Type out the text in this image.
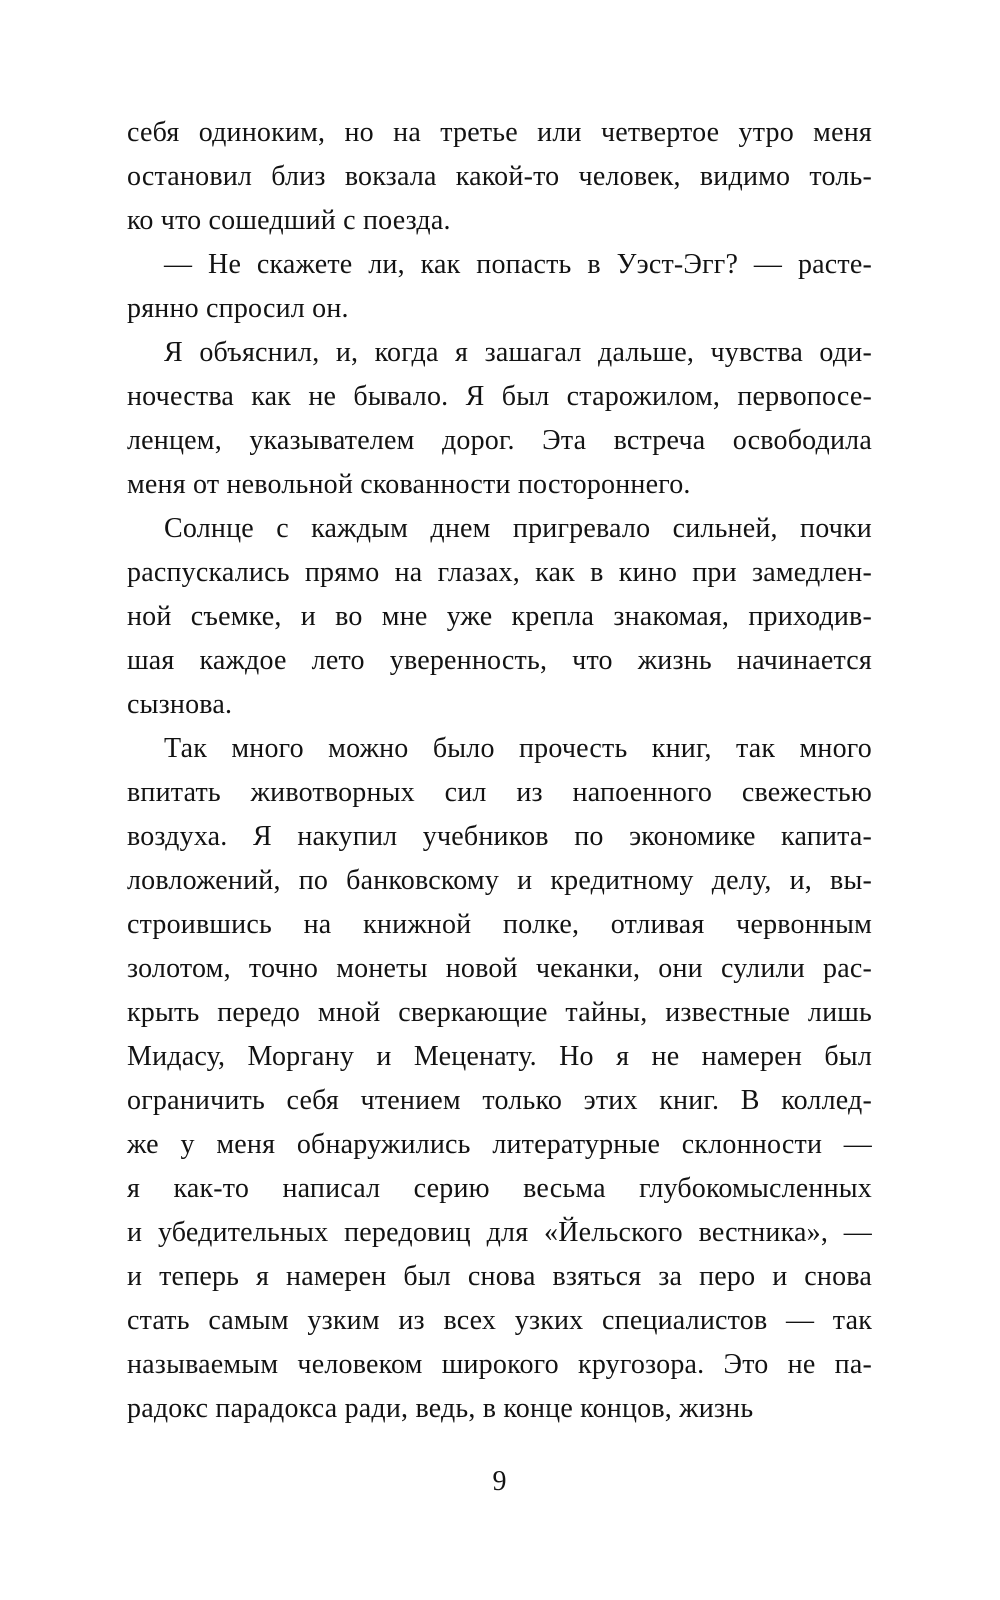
себя одиноким, но на третье или четвертое утро меня
остановил близ вокзала какой-то человек, видимо толь-
ко что сошедший с поезда.
— Не скажете ли, как попасть в Уэст-Эгг? — расте-
рянно спросил он.
Я объяснил, и, когда я зашагал дальше, чувства оди-
ночества как не бывало. Я был старожилом, первопосе-
ленцем, указывателем дорог. Эта встреча освободила
меня от невольной скованности постороннего.
Солнце с каждым днем пригревало сильней, почки
распускались прямо на глазах, как в кино при замедлен-
ной съемке, и во мне уже крепла знакомая, приходив-
шая каждое лето уверенность, что жизнь начинается
сызнова.
Так много можно было прочесть книг, так много
впитать животворных сил из напоенного свежестью
воздуха. Я накупил учебников по экономике капита-
ловложений, по банковскому и кредитному делу, и, вы-
строившись на книжной полке, отливая червонным
золотом, точно монеты новой чеканки, они сулили рас-
крыть передо мной сверкающие тайны, известные лишь
Мидасу, Моргану и Меценату. Но я не намерен был
ограничить себя чтением только этих книг. В коллед-
же у меня обнаружились литературные склонности —
я как-то написал серию весьма глубокомысленных
и убедительных передовиц для «Йельского вестника», —
и теперь я намерен был снова взяться за перо и снова
стать самым узким из всех узких специалистов — так
называемым человеком широкого кругозора. Это не па-
радокс парадокса ради, ведь, в конце концов, жизнь
9
